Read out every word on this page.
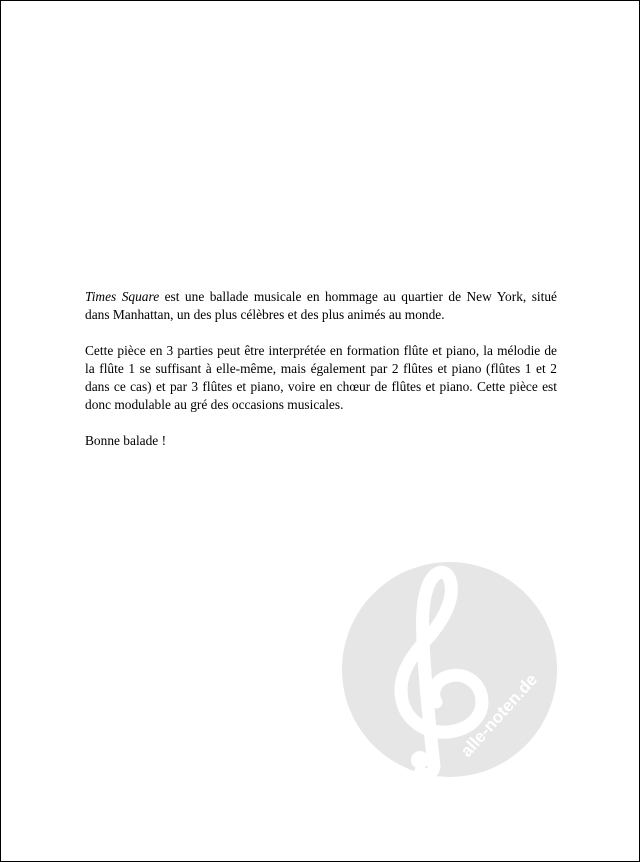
Times Square est une ballade musicale en hommage au quartier de New York, situé dans Manhattan, un des plus célèbres et des plus animés au monde.

Cette pièce en 3 parties peut être interprétée en formation flûte et piano, la mélodie de la flûte 1 se suffisant à elle-même, mais également par 2 flûtes et piano (flûtes 1 et 2 dans ce cas) et par 3 flûtes et piano, voire en chœur de flûtes et piano. Cette pièce est donc modulable au gré des occasions musicales.

Bonne balade !

alle-noten.de
